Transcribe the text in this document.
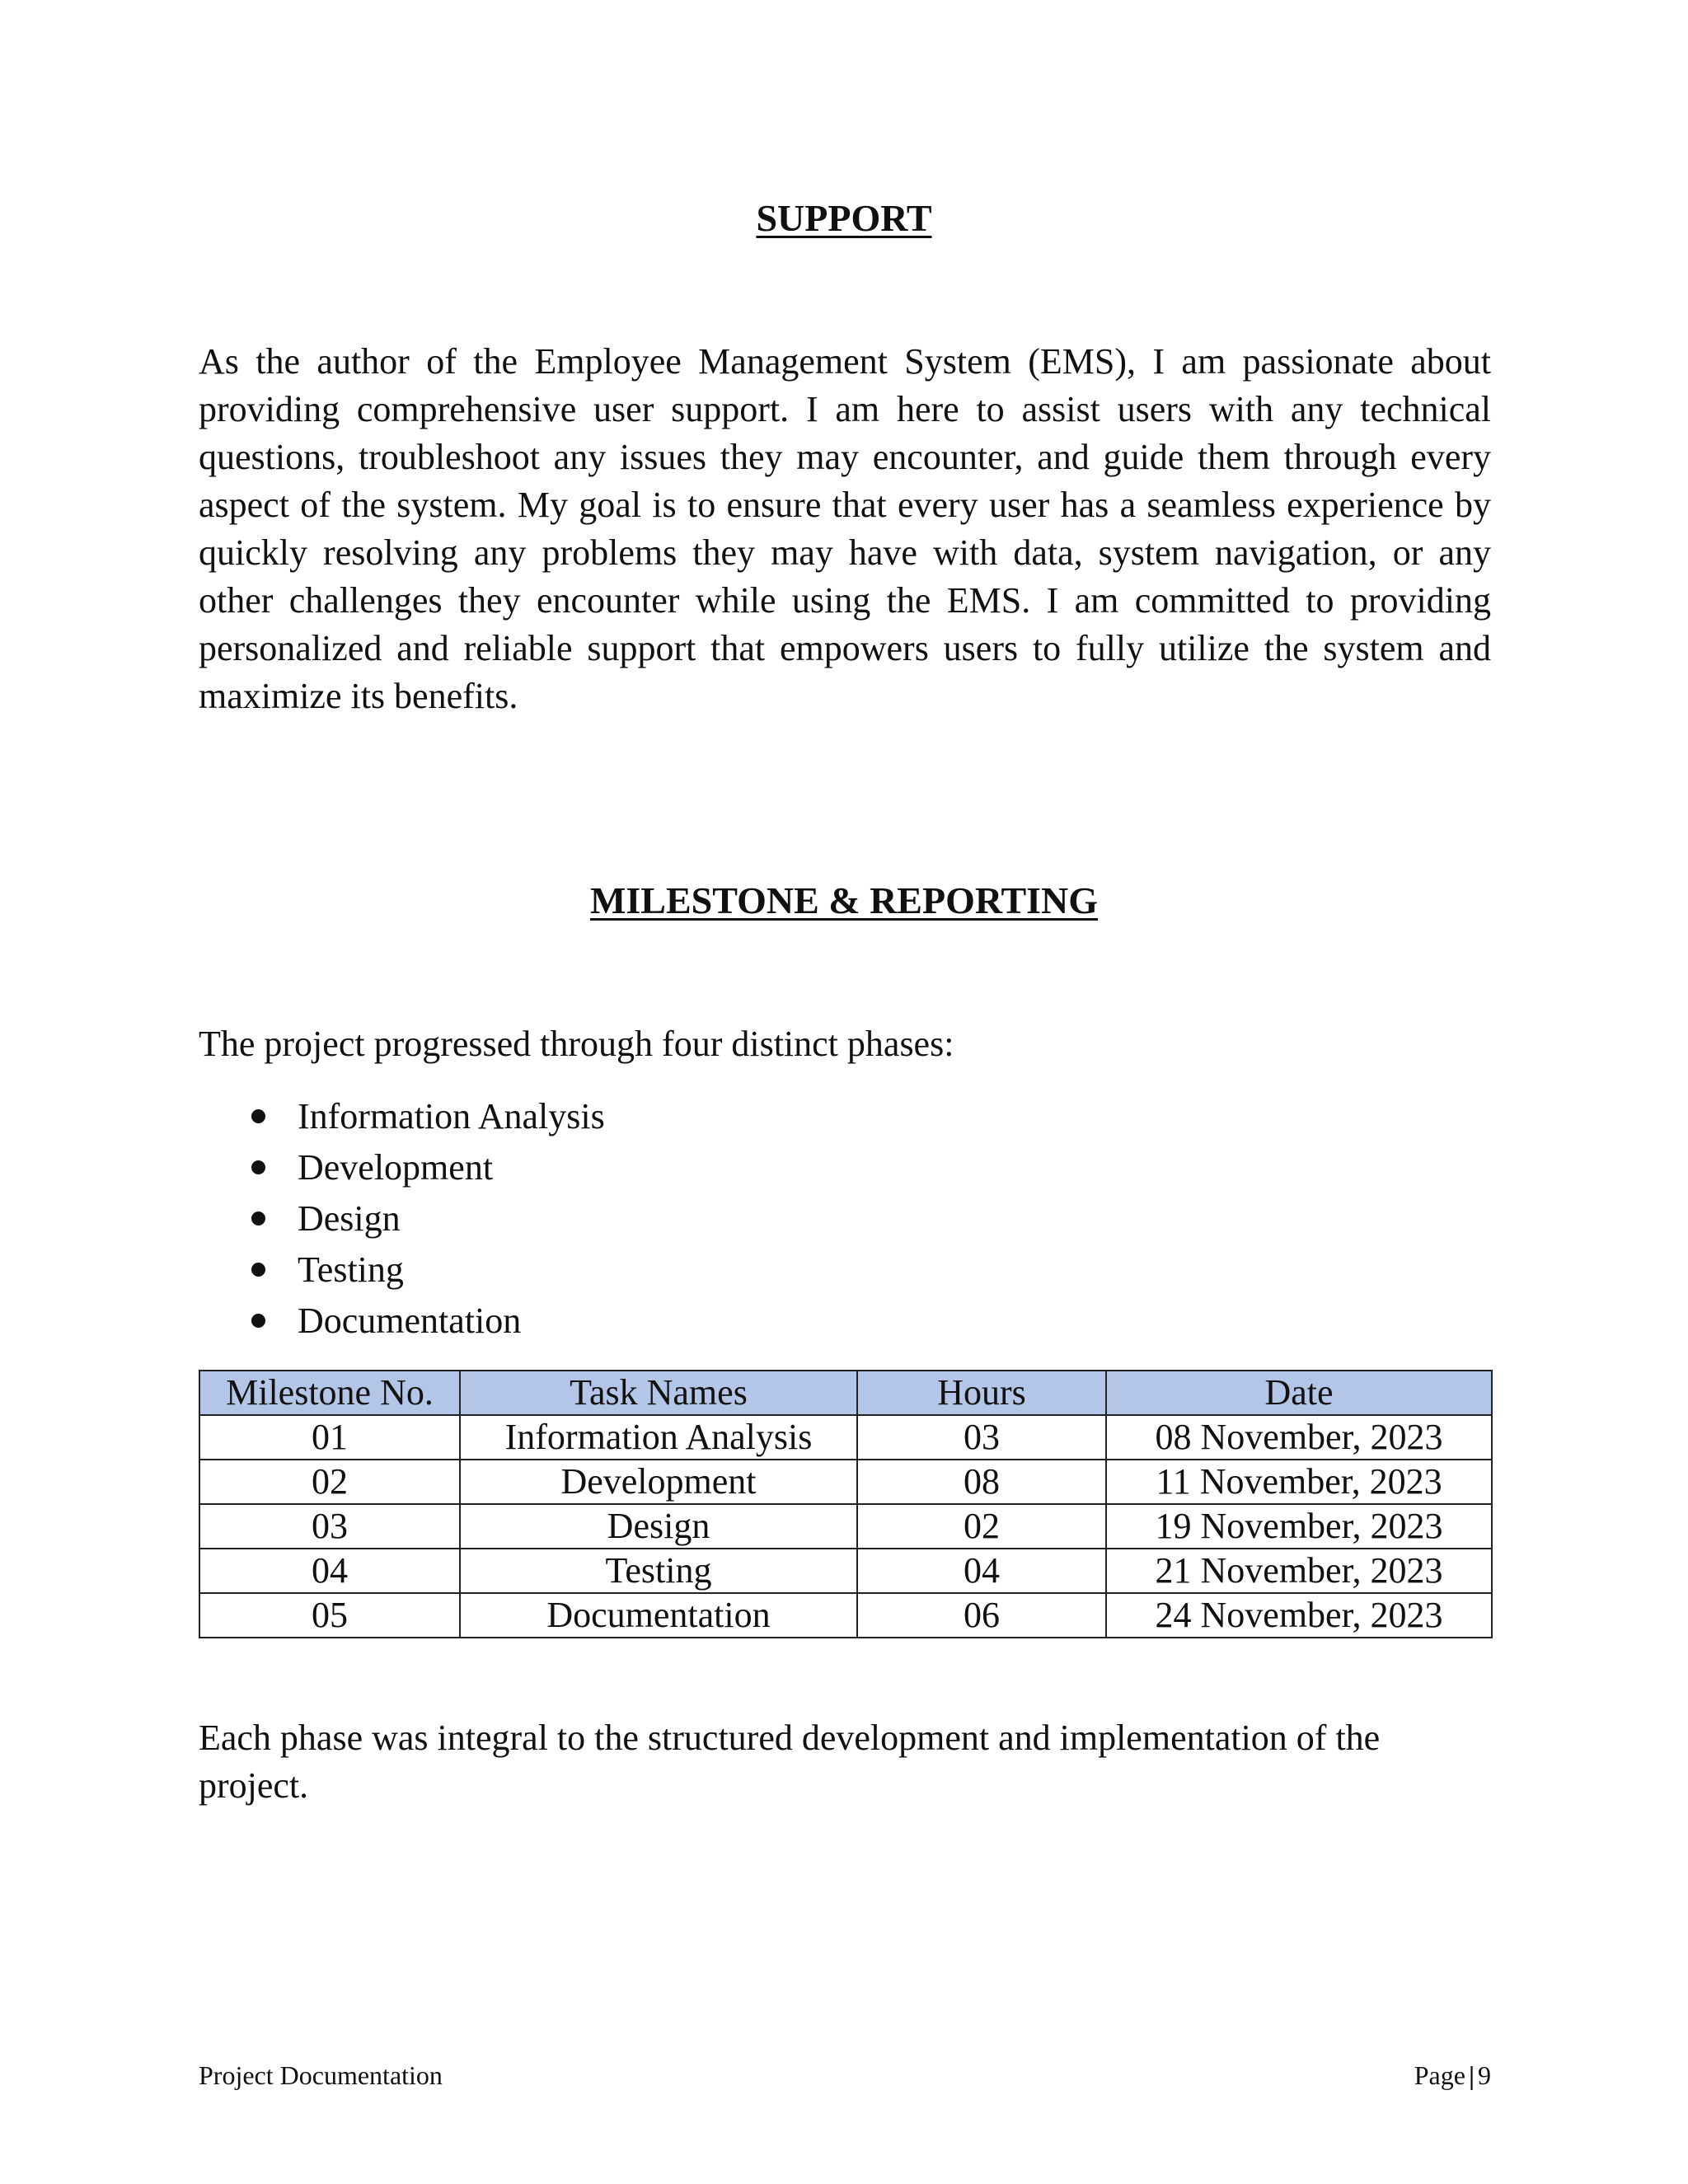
SUPPORT

As the author of the Employee Management System (EMS), I am passionate about providing comprehensive user support. I am here to assist users with any technical questions, troubleshoot any issues they may encounter, and guide them through every aspect of the system. My goal is to ensure that every user has a seamless experience by quickly resolving any problems they may have with data, system navigation, or any other challenges they encounter while using the EMS. I am committed to providing personalized and reliable support that empowers users to fully utilize the system and maximize its benefits.

MILESTONE & REPORTING

The project progressed through four distinct phases:

Information Analysis
Development
Design
Testing
Documentation
Milestone No.	Task Names	Hours	Date
01	Information Analysis	03	08 November, 2023
02	Development	08	11 November, 2023
03	Design	02	19 November, 2023
04	Testing	04	21 November, 2023
05	Documentation	06	24 November, 2023

Each phase was integral to the structured development and implementation of the project.

Project Documentation	Page | 9
